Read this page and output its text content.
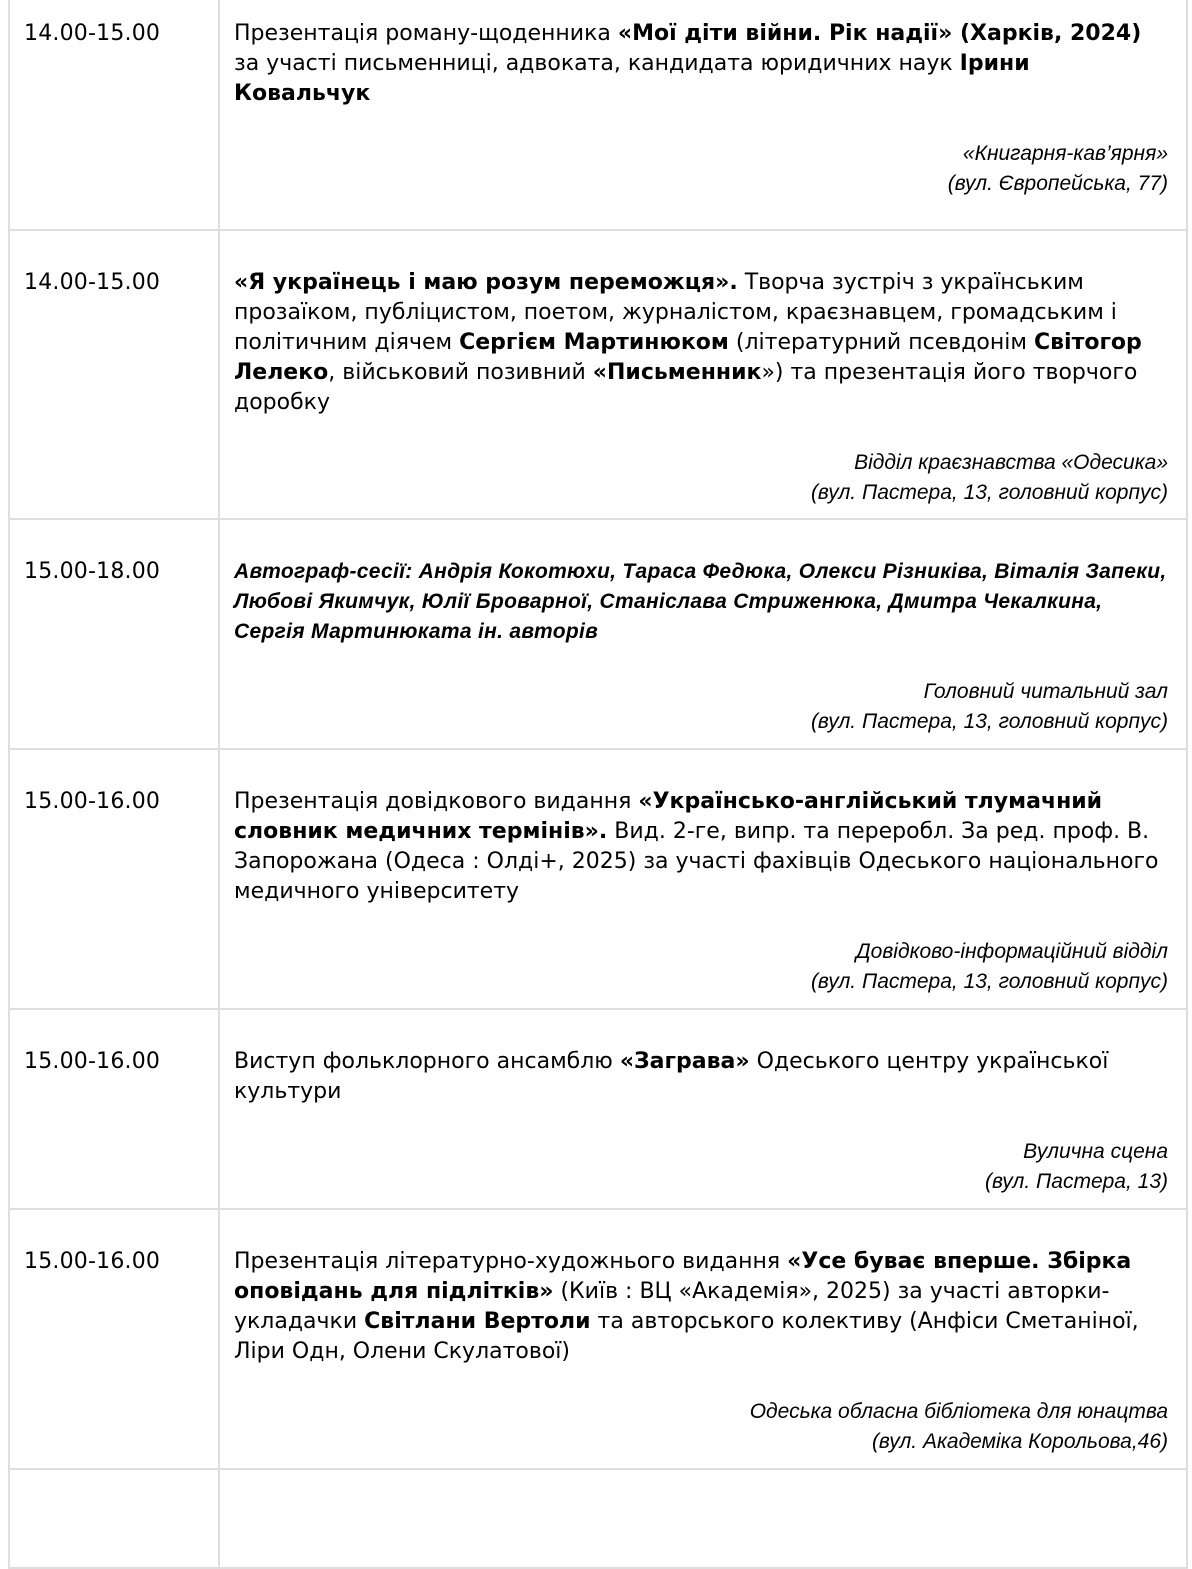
14.00-15.00	Презентація роману-щоденника «Мої діти війни. Рік надії» (Харків, 2024) за участі письменниці, адвоката, кандидата юридичних наук Ірини Ковальчук
«Книгарня-кав’ярня»
(вул. Європейська, 77)

14.00-15.00	«Я українець і маю розум переможця». Творча зустріч з українським прозаїком, публіцистом, поетом, журналістом, краєзнавцем, громадським і політичним діячем Сергієм Мартинюком (літературний псевдонім Світогор Лелеко, військовий позивний «Письменник») та презентація його творчого доробку
Відділ краєзнавства «Одесика»
(вул. Пастера, 13, головний корпус)

15.00-18.00	Автограф-сесії: Андрія Кокотюхи, Тараса Федюка, Олекси Різниківа, Віталія Запеки, Любові Якимчук, Юлії Броварної, Станіслава Стриженюка, Дмитра Чекалкина, Сергія Мартинюката ін. авторів
Головний читальний зал
(вул. Пастера, 13, головний корпус)

15.00-16.00	Презентація довідкового видання «Українсько-англійський тлумачний словник медичних термінів». Вид. 2-ге, випр. та переробл. За ред. проф. В. Запорожана (Одеса : Олді+, 2025) за участі фахівців Одеського національного медичного університету
Довідково-інформаційний відділ
(вул. Пастера, 13, головний корпус)

15.00-16.00	Виступ фольклорного ансамблю «Заграва» Одеського центру української культури
Вулична сцена
(вул. Пастера, 13)

15.00-16.00	Презентація літературно-художнього видання «Усе буває вперше. Збірка оповідань для підлітків» (Київ : ВЦ «Академія», 2025) за участі авторки-укладачки Світлани Вертоли та авторського колективу (Анфіси Сметаніної, Ліри Одн, Олени Скулатової)
Одеська обласна бібліотека для юнацтва
(вул. Академіка Корольова,46)
